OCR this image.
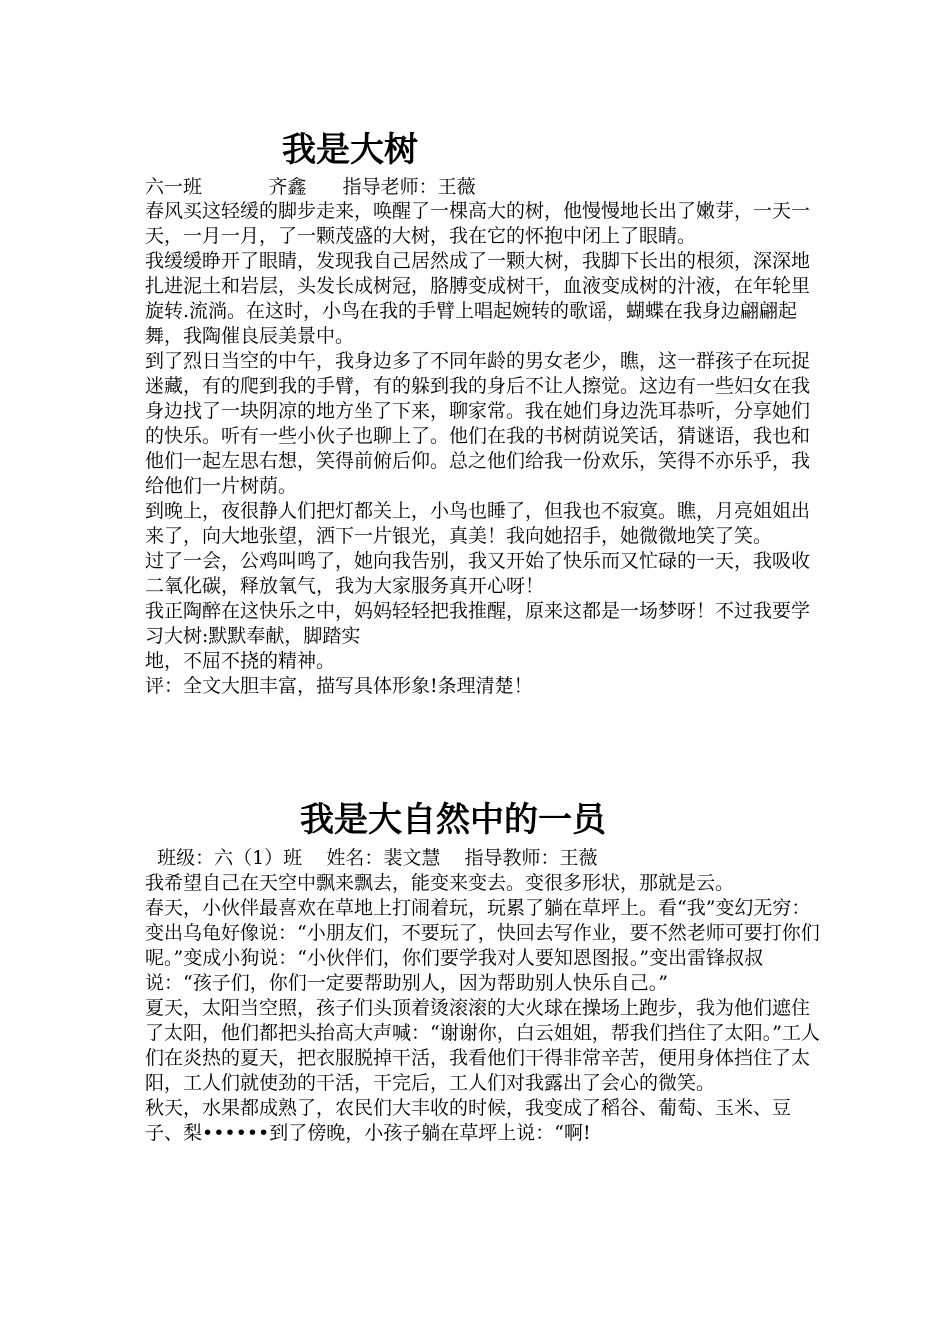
我是大树
六一班           齐鑫      指导老师：王薇

春风买这轻缓的脚步走来，唤醒了一棵高大的树，他慢慢地长出了嫩芽，一天一天，一月一月，了一颗茂盛的大树，我在它的怀抱中闭上了眼睛。

我缓缓睁开了眼睛，发现我自己居然成了一颗大树，我脚下长出的根须，深深地扎进泥土和岩层，头发长成树冠，胳膊变成树干，血液变成树的汁液，在年轮里旋转.流淌。在这时，小鸟在我的手臂上唱起婉转的歌谣，蝴蝶在我身边翩翩起舞，我陶催良辰美景中。

到了烈日当空的中午，我身边多了不同年龄的男女老少，瞧，这一群孩子在玩捉迷藏，有的爬到我的手臂，有的躲到我的身后不让人擦觉。这边有一些妇女在我身边找了一块阴凉的地方坐了下来，聊家常。我在她们身边洗耳恭听，分享她们的快乐。听有一些小伙子也聊上了。他们在我的书树荫说笑话，猜谜语，我也和他们一起左思右想，笑得前俯后仰。总之他们给我一份欢乐，笑得不亦乐乎，我给他们一片树荫。

到晚上，夜很静人们把灯都关上，小鸟也睡了，但我也不寂寞。瞧，月亮姐姐出来了，向大地张望，洒下一片银光，真美！我向她招手，她微微地笑了笑。

过了一会，公鸡叫鸣了，她向我告别，我又开始了快乐而又忙碌的一天，我吸收二氧化碳，释放氧气，我为大家服务真开心呀！

我正陶醉在这快乐之中，妈妈轻轻把我推醒，原来这都是一场梦呀！不过我要学习大树:默默奉献，脚踏实
地，不屈不挠的精神。

评：全文大胆丰富，描写具体形象!条理清楚！

我是大自然中的一员
班级：六（1）班    姓名：裴文慧    指导教师：王薇

我希望自己在天空中飘来飘去，能变来变去。变很多形状，那就是云。

春天，小伙伴最喜欢在草地上打闹着玩，玩累了躺在草坪上。看“我”变幻无穷：变出乌龟好像说：“小朋友们，不要玩了，快回去写作业，要不然老师可要打你们呢。”变成小狗说：“小伙伴们，你们要学我对人要知恩图报。”变出雷锋叔叔说：“孩子们，你们一定要帮助别人，因为帮助别人快乐自己。”

夏天，太阳当空照，孩子们头顶着烫滚滚的大火球在操场上跑步，我为他们遮住了太阳，他们都把头抬高大声喊：“谢谢你，白云姐姐，帮我们挡住了太阳。”工人们在炎热的夏天，把衣服脱掉干活，我看他们干得非常辛苦，便用身体挡住了太阳，工人们就使劲的干活，干完后，工人们对我露出了会心的微笑。

秋天，水果都成熟了，农民们大丰收的时候，我变成了稻谷、葡萄、玉米、豆子、梨••••••到了傍晚，小孩子躺在草坪上说：“啊!
